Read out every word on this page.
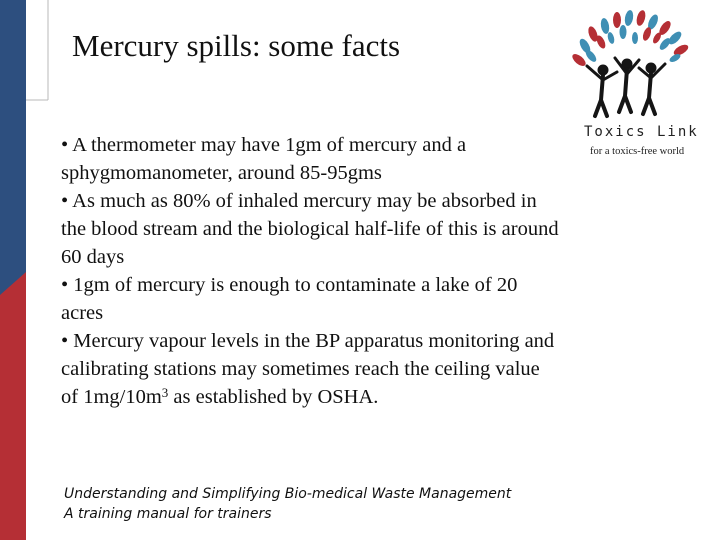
Mercury spills: some facts

• A thermometer may have 1gm of mercury and a sphygmomanometer, around 85-95gms

• As much as 80% of inhaled mercury may be absorbed in the blood stream and the biological half-life of this is around 60 days

• 1gm of mercury is enough to contaminate a lake of 20 acres

• Mercury vapour levels in the BP apparatus monitoring and calibrating stations may sometimes reach the ceiling value of $1mg/10m^3$ as established by OSHA.

Understanding and Simplifying Bio-medical Waste Management
A training manual for trainers
Toxics Link
for a toxics-free world
